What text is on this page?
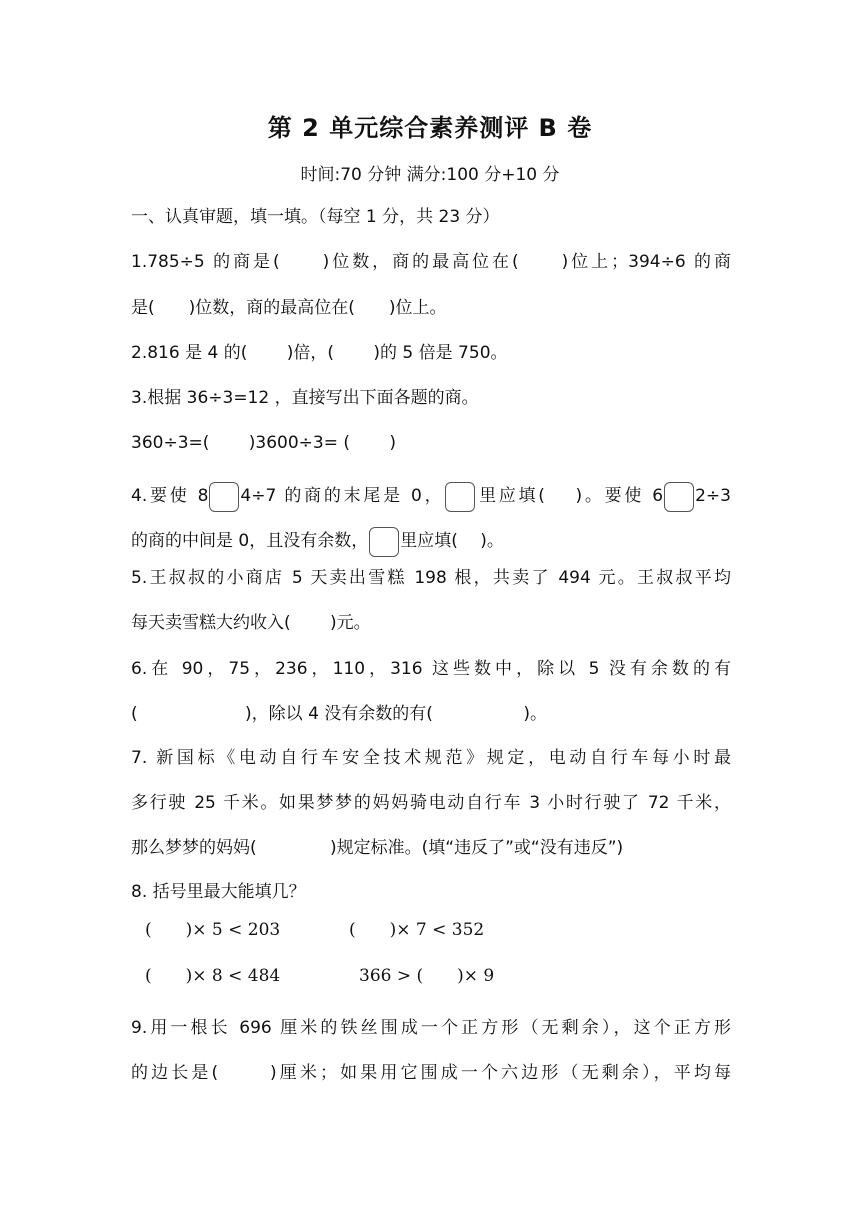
第 2 单元综合素养测评 B 卷
时间:70 分钟 满分:100 分+10 分
一、认真审题，填一填。（每空 1 分，共 23 分）
1.785÷5 的商是(　　)位数，商的最高位在(　　)位上；394÷6 的商
是(　　)位数，商的最高位在(　　)位上。
2.816 是 4 的(　　 )倍，(　　 )的 5 倍是 750。
3.根据 36÷3=12 ，直接写出下面各题的商。
360÷3=(　　 )3600÷3= (　　 )
4.要使 8 4÷7 的商的末尾是 0， 里应填(　 )。要使 6 2÷3
的商的中间是 0，且没有余数， 里应填(　 )。
5.王叔叔的小商店 5 天卖出雪糕 198 根，共卖了 494 元。王叔叔平均
每天卖雪糕大约收入(　　 )元。
6.在 90，75，236，110，316 这些数中，除以 5 没有余数的有
(　　　　　　 )，除以 4 没有余数的有(　　　　　 )。
7. 新国标《电动自行车安全技术规范》规定，电动自行车每小时最
多行驶 25 千米。如果梦梦的妈妈骑电动自行车 3 小时行驶了 72 千米，
那么梦梦的妈妈(　　　　 )规定标准。(填“违反了”或“没有违反”)
8. 括号里最大能填几？
(　　)× 5 < 203	(　　)× 7 < 352
(　　)× 8 < 484	366 > (　　)× 9
9.用一根长 696 厘米的铁丝围成一个正方形（无剩余），这个正方形
的边长是(　　 )厘米；如果用它围成一个六边形（无剩余），平均每
